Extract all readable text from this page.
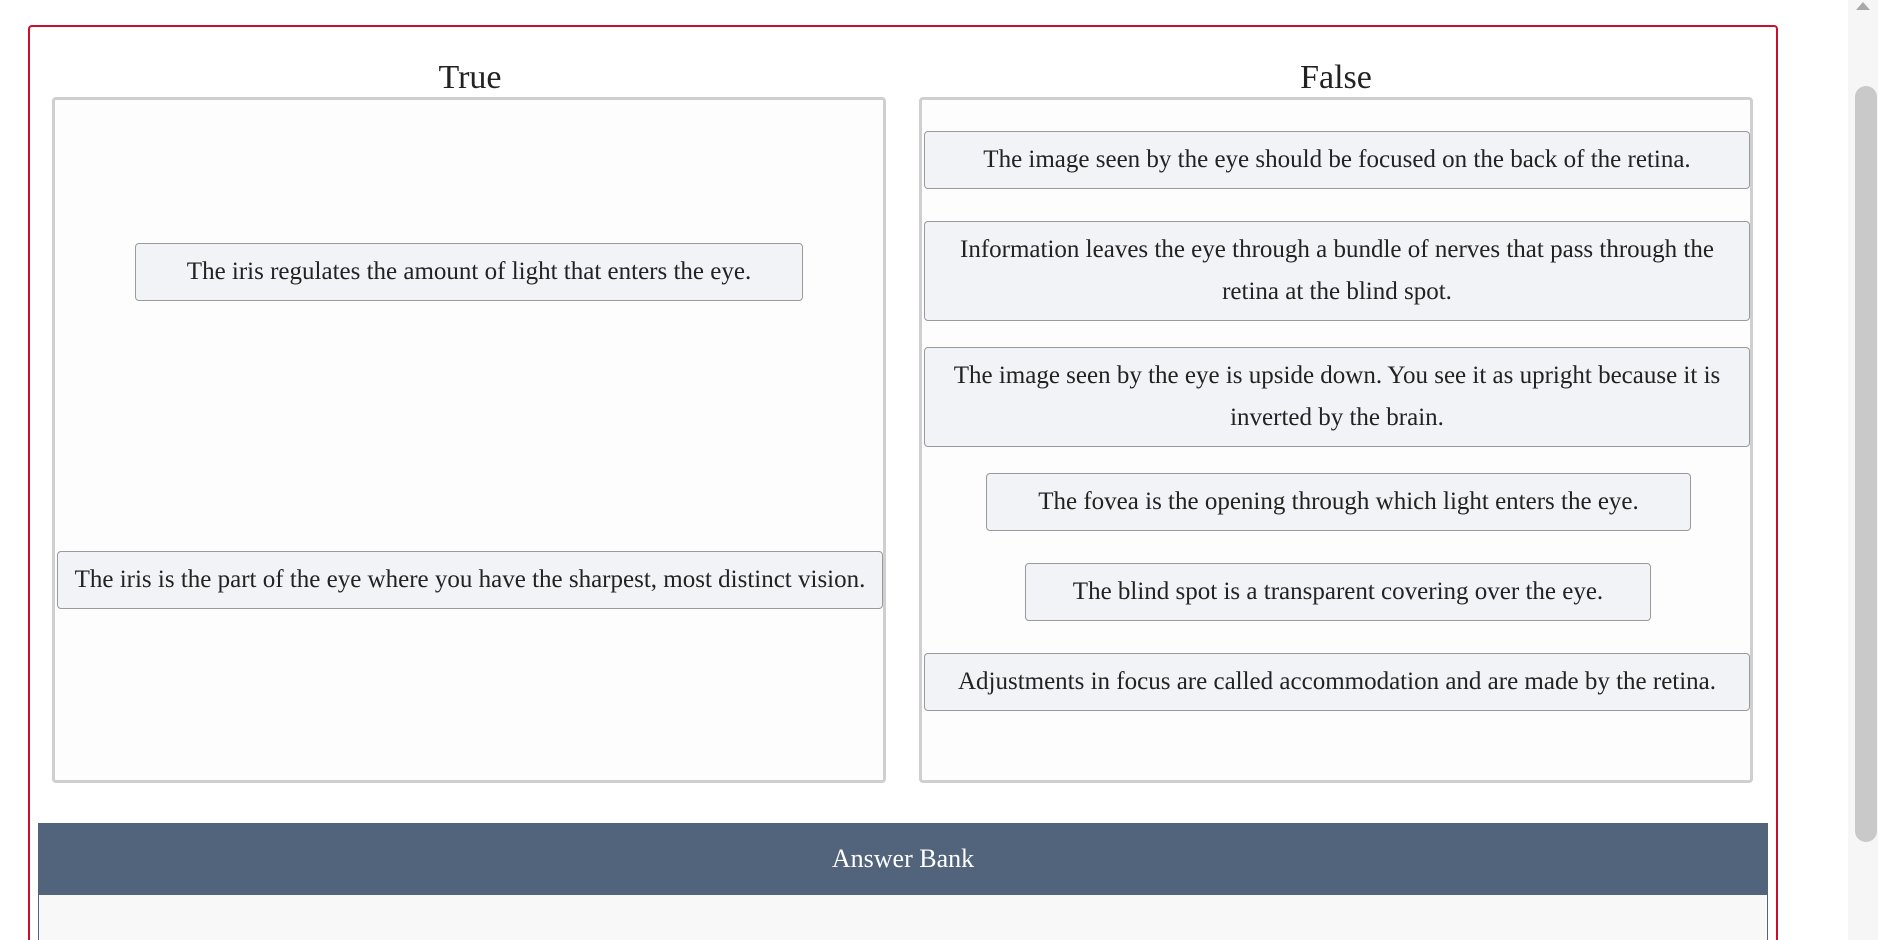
True	False
The iris regulates the amount of light that enters the eye.
The iris is the part of the eye where you have the sharpest, most distinct vision.
The image seen by the eye should be focused on the back of the retina.
Information leaves the eye through a bundle of nerves that pass through the retina at the blind spot.
The image seen by the eye is upside down. You see it as upright because it is inverted by the brain.
The fovea is the opening through which light enters the eye.
The blind spot is a transparent covering over the eye.
Adjustments in focus are called accommodation and are made by the retina.
Answer Bank
